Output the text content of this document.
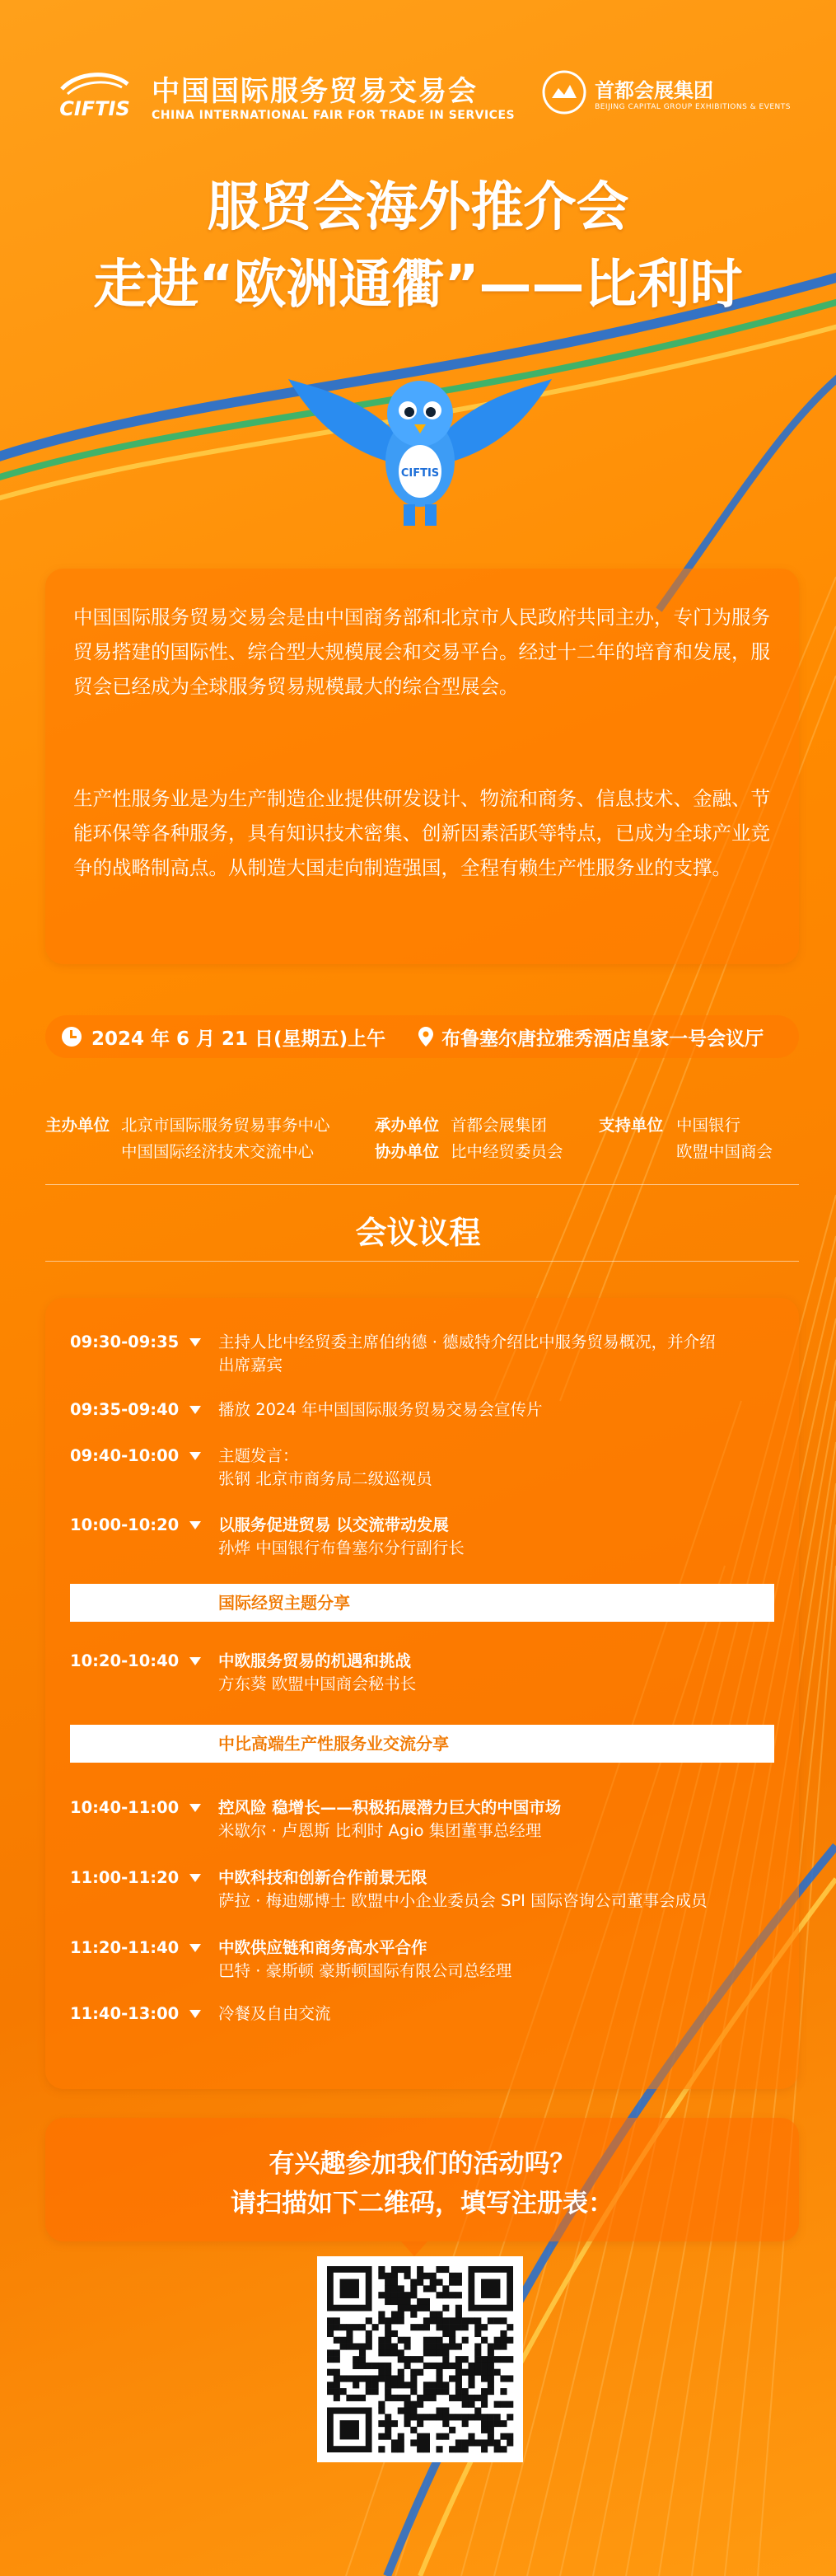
CIFTIS
中国国际服务贸易交易会
CHINA INTERNATIONAL FAIR FOR TRADE IN SERVICES
首都会展集团
BEIJING CAPITAL GROUP EXHIBITIONS & EVENTS
服贸会海外推介会
走进“欧洲通衢”——比利时
CIFTIS

中国国际服务贸易交易会是由中国商务部和北京市人民政府共同主办，专门为服务贸易搭建的国际性、综合型大规模展会和交易平台。经过十二年的培育和发展，服贸会已经成为全球服务贸易规模最大的综合型展会。

生产性服务业是为生产制造企业提供研发设计、物流和商务、信息技术、金融、节能环保等各种服务，具有知识技术密集、创新因素活跃等特点，已成为全球产业竞争的战略制高点。从制造大国走向制造强国，全程有赖生产性服务业的支撑。

2024 年 6 月 21 日(星期五)上午	布鲁塞尔唐拉雅秀酒店皇家一号会议厅
主办单位 北京市国际服务贸易事务中心	承办单位 首都会展集团	支持单位 中国银行
中国国际经济技术交流中心	协办单位 比中经贸委员会	欧盟中国商会
会议议程
09:30-09:35	主持人比中经贸委主席伯纳德 · 德威特介绍比中服务贸易概况，并介绍
出席嘉宾
09:35-09:40	播放 2024 年中国国际服务贸易交易会宣传片
09:40-10:00	主题发言：
张钢 北京市商务局二级巡视员
10:00-10:20	以服务促进贸易 以交流带动发展
孙烨 中国银行布鲁塞尔分行副行长
国际经贸主题分享
10:20-10:40	中欧服务贸易的机遇和挑战
方东葵 欧盟中国商会秘书长
中比高端生产性服务业交流分享
10:40-11:00	控风险 稳增长——积极拓展潜力巨大的中国市场
米歇尔 · 卢恩斯 比利时 Agio 集团董事总经理
11:00-11:20	中欧科技和创新合作前景无限
萨拉 · 梅迪娜博士 欧盟中小企业委员会 SPI 国际咨询公司董事会成员
11:20-11:40	中欧供应链和商务高水平合作
巴特 · 豪斯顿 豪斯顿国际有限公司总经理
11:40-13:00	冷餐及自由交流
有兴趣参加我们的活动吗？
请扫描如下二维码，填写注册表：
